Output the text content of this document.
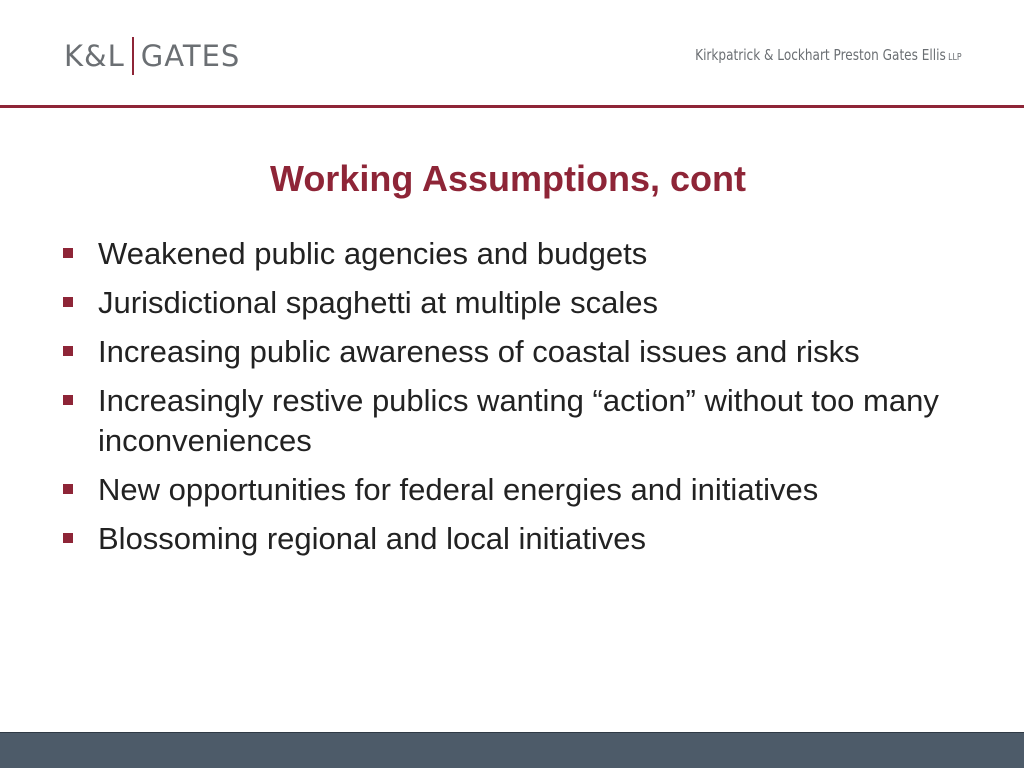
K&L GATES	Kirkpatrick & Lockhart Preston Gates Ellis LLP
Working Assumptions, cont
Weakened public agencies and budgets
Jurisdictional spaghetti at multiple scales
Increasing public awareness of coastal issues and risks
Increasingly restive publics wanting “action” without too many inconveniences
New opportunities for federal energies and initiatives
Blossoming regional and local initiatives
